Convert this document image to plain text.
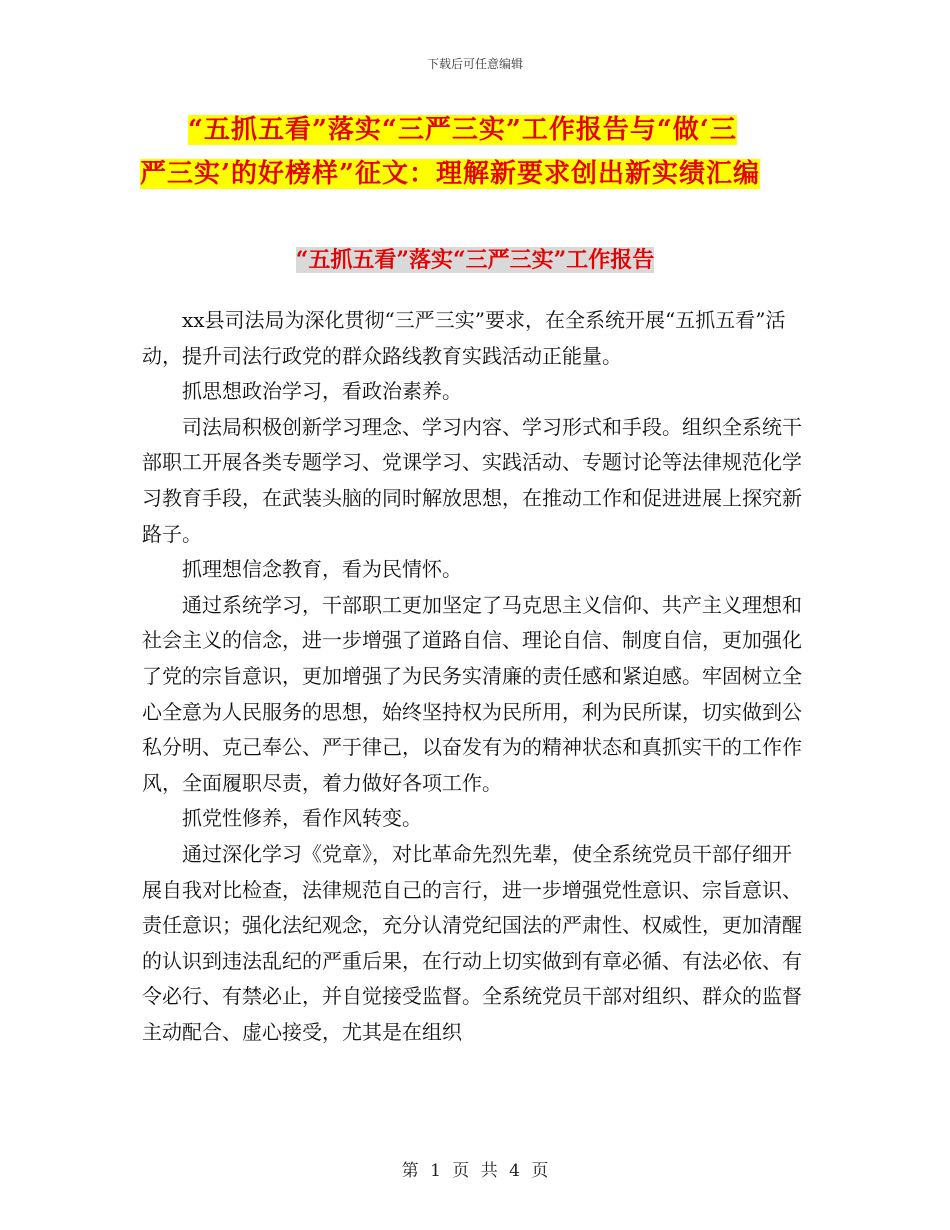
下载后可任意编辑
“五抓五看”落实“三严三实”工作报告与“做‘三
严三实’的好榜样”征文：理解新要求创出新实绩汇编
“五抓五看”落实“三严三实”工作报告

xx县司法局为深化贯彻“三严三实”要求，在全系统开展“五抓五看”活动，提升司法行政党的群众路线教育实践活动正能量。

抓思想政治学习，看政治素养。

司法局积极创新学习理念、学习内容、学习形式和手段。组织全系统干部职工开展各类专题学习、党课学习、实践活动、专题讨论等法律规范化学习教育手段，在武装头脑的同时解放思想，在推动工作和促进进展上探究新路子。

抓理想信念教育，看为民情怀。

通过系统学习，干部职工更加坚定了马克思主义信仰、共产主义理想和社会主义的信念，进一步增强了道路自信、理论自信、制度自信，更加强化了党的宗旨意识，更加增强了为民务实清廉的责任感和紧迫感。牢固树立全心全意为人民服务的思想，始终坚持权为民所用，利为民所谋，切实做到公私分明、克己奉公、严于律己，以奋发有为的精神状态和真抓实干的工作作风，全面履职尽责，着力做好各项工作。

抓党性修养，看作风转变。

通过深化学习《党章》，对比革命先烈先辈，使全系统党员干部仔细开展自我对比检查，法律规范自己的言行，进一步增强党性意识、宗旨意识、责任意识；强化法纪观念，充分认清党纪国法的严肃性、权威性，更加清醒的认识到违法乱纪的严重后果，在行动上切实做到有章必循、有法必依、有令必行、有禁必止，并自觉接受监督。全系统党员干部对组织、群众的监督主动配合、虚心接受，尤其是在组织

第 1 页 共 4 页
